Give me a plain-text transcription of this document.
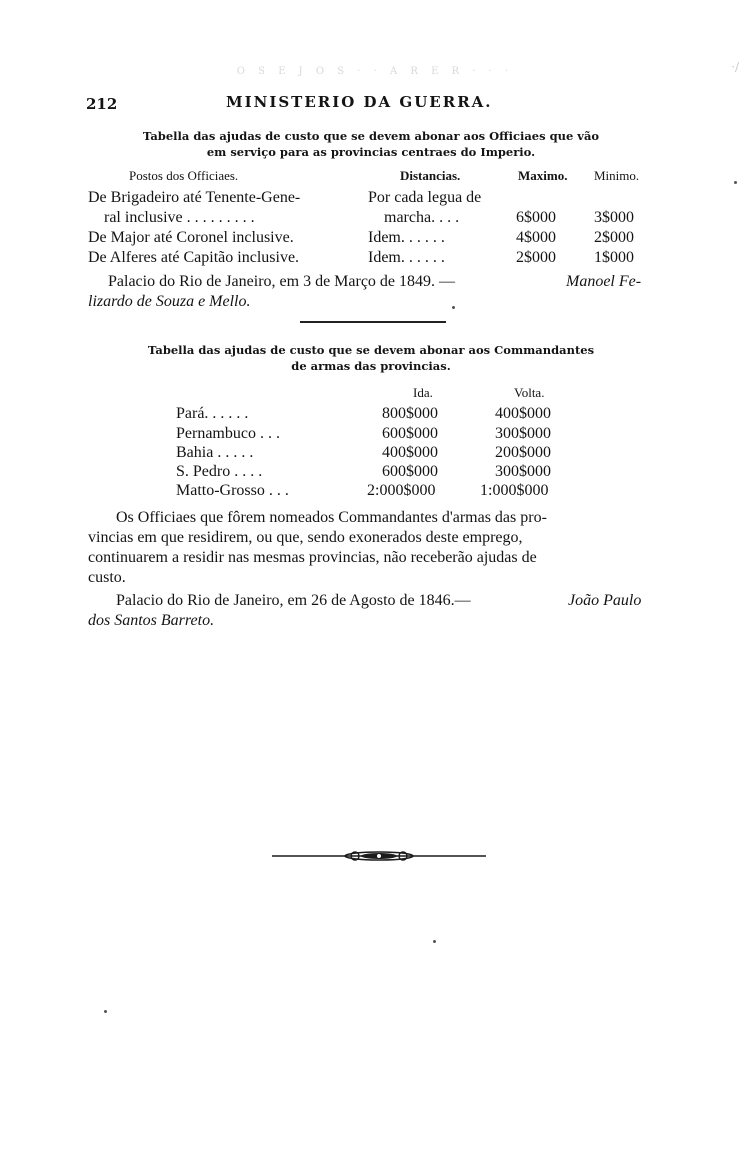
O S E J O S · · A R E R · · ·	·/
212	MINISTERIO DA GUERRA.
Tabella das ajudas de custo que se devem abonar aos Officiaes que vão
em serviço para as provincias centraes do Imperio.
Postos dos Officiaes.	Distancias.	Maximo. Minimo.
De Brigadeiro até Tenente-Gene-
ral inclusive . . . . . . . . .
Por cada legua de
marcha. . . .	6$000 3$000
De Major até Coronel inclusive.	Idem. . . . . .	4$000 2$000
De Alferes até Capitão inclusive.	Idem. . . . . .	2$000 1$000
Palacio do Rio de Janeiro, em 3 de Março de 1849. —	Manoel Fe-
lizardo de Souza e Mello.
Tabella das ajudas de custo que se devem abonar aos Commandantes
de armas das provincias.
Ida.	Volta.
Pará. . . . . .	800$000	400$000
Pernambuco . . .	600$000	300$000
Bahia . . . . .	400$000	200$000
S. Pedro . . . .	600$000	300$000
Matto-Grosso . . .	2:000$000	1:000$000
Os Officiaes que fôrem nomeados Commandantes d'armas das pro-
vincias em que residirem, ou que, sendo exonerados deste emprego,
continuarem a residir nas mesmas provincias, não receberão ajudas de
custo.
Palacio do Rio de Janeiro, em 26 de Agosto de 1846.—	João Paulo
dos Santos Barreto.
